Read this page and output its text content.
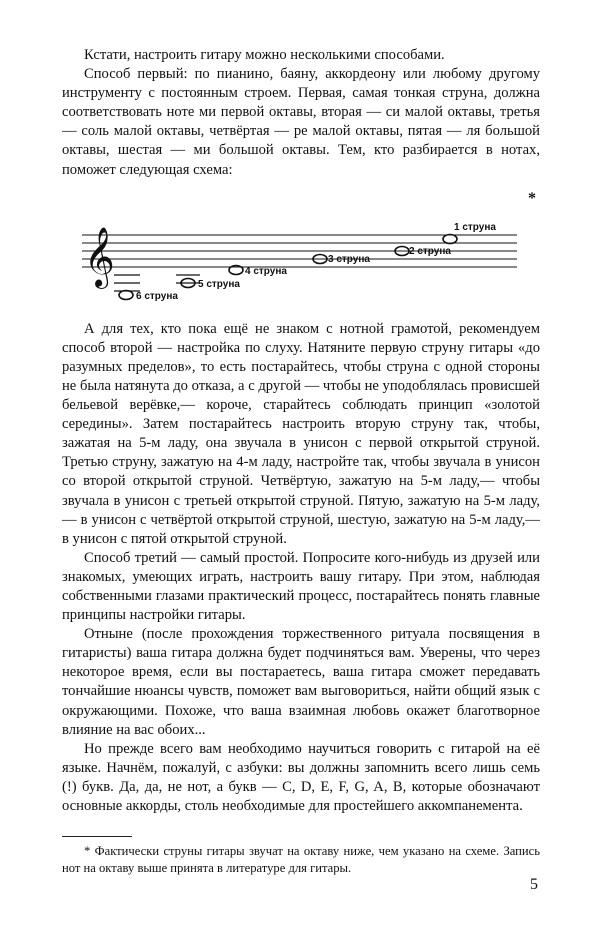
Кстати, настроить гитару можно несколькими способами.

Способ первый: по пианино, баяну, аккордеону или любому другому инструменту с постоянным строем. Первая, самая тонкая струна, должна соответствовать ноте ми первой октавы, вторая — си малой октавы, третья — соль малой октавы, четвёртая — ре малой октавы, пятая — ля большой октавы, шестая — ми большой октавы. Тем, кто разбирается в нотах, поможет следующая схема:

*
𝄞	1 струна
2 струна
3 струна
4 струна
5 струна
6 струна

А для тех, кто пока ещё не знаком с нотной грамотой, рекомендуем способ второй — настройка по слуху. Натяните первую струну гитары «до разумных пределов», то есть постарайтесь, чтобы струна с одной стороны не была натянута до отказа, а с другой — чтобы не уподоблялась провисшей бельевой верёвке,— короче, старайтесь соблюдать принцип «золотой середины». Затем постарайтесь настроить вторую струну так, чтобы, зажатая на 5-м ладу, она звучала в унисон с первой открытой струной. Третью струну, зажатую на 4-м ладу, настройте так, чтобы звучала в унисон со второй открытой струной. Четвёртую, зажатую на 5-м ладу,— чтобы звучала в унисон с третьей открытой струной. Пятую, зажатую на 5-м ладу,— в унисон с четвёртой открытой струной, шестую, зажатую на 5-м ладу,— в унисон с пятой открытой струной.

Способ третий — самый простой. Попросите кого-нибудь из друзей или знакомых, умеющих играть, настроить вашу гитару. При этом, наблюдая собственными глазами практический процесс, постарайтесь понять главные принципы настройки гитары.

Отныне (после прохождения торжественного ритуала посвящения в гитаристы) ваша гитара должна будет подчиняться вам. Уверены, что через некоторое время, если вы постараетесь, ваша гитара сможет передавать тончайшие нюансы чувств, поможет вам выговориться, найти общий язык с окружающими. Похоже, что ваша взаимная любовь окажет благотворное влияние на вас обоих...

Но прежде всего вам необходимо научиться говорить с гитарой на её языке. Начнём, пожалуй, с азбуки: вы должны запомнить всего лишь семь (!) букв. Да, да, не нот, а букв — C, D, E, F, G, A, B, которые обозначают основные аккорды, столь необходимые для простейшего аккомпанемента.

* Фактически струны гитары звучат на октаву ниже, чем указано на схеме. Запись нот на октаву выше принята в литературе для гитары.

5
